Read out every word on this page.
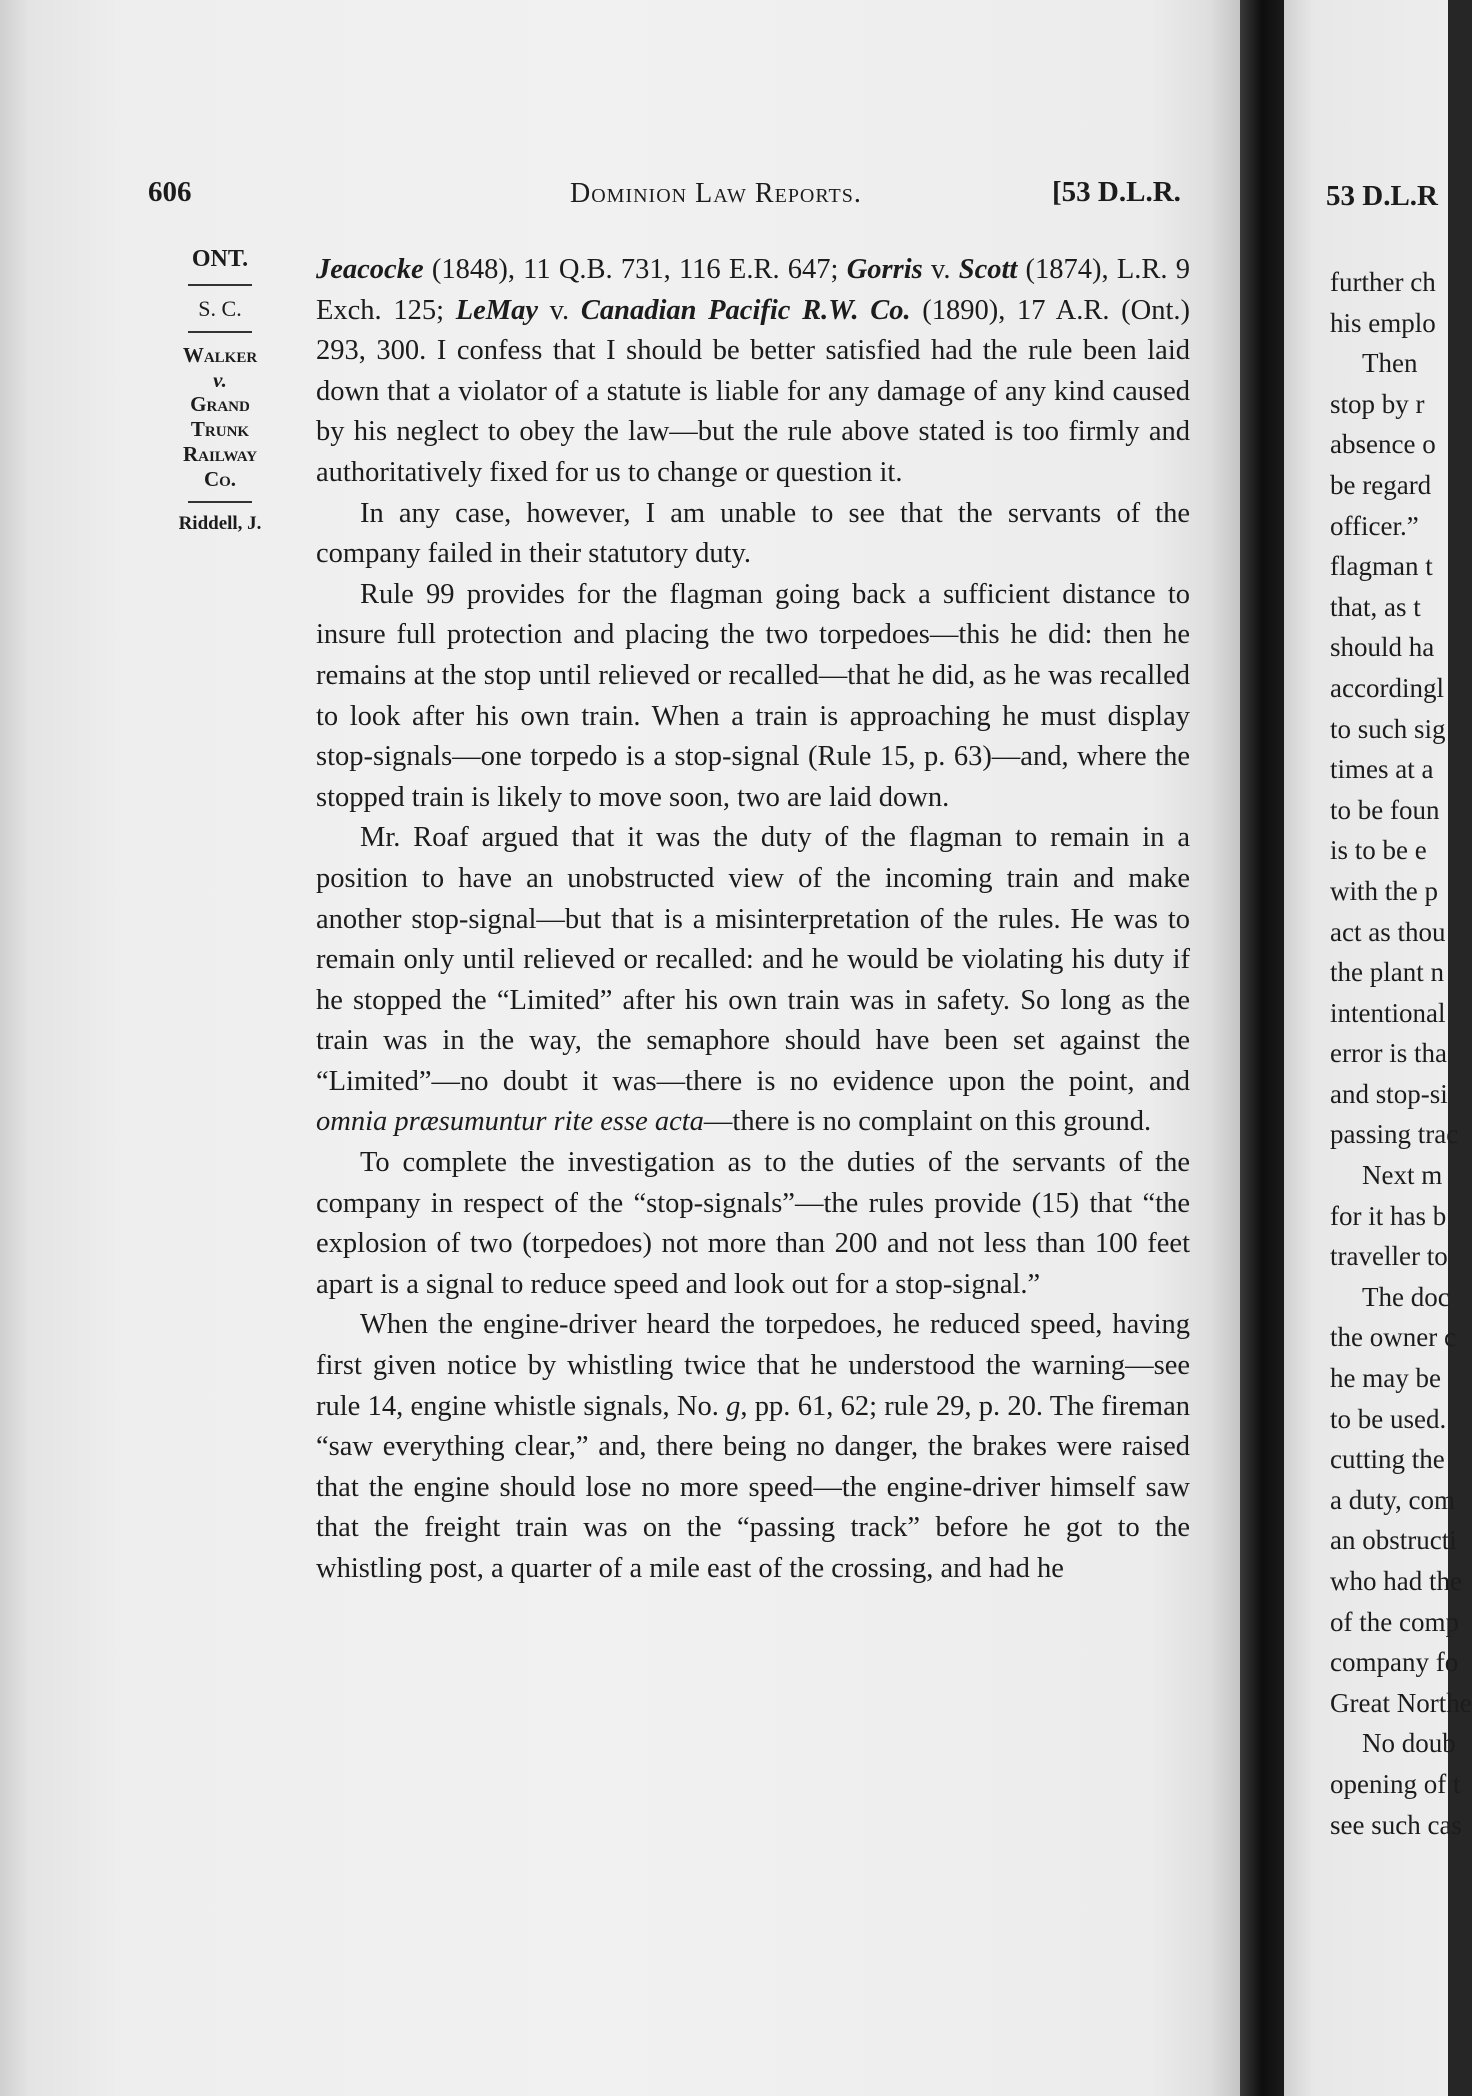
606	Dominion Law Reports.	[53 D.L.R.
ONT.
S. C.
Walker
v.
Grand
Trunk
Railway
Co.
Riddell, J.

Jeacocke (1848), 11 Q.B. 731, 116 E.R. 647; Gorris v. Scott (1874), L.R. 9 Exch. 125; LeMay v. Canadian Pacific R.W. Co. (1890), 17 A.R. (Ont.) 293, 300. I confess that I should be better satisfied had the rule been laid down that a violator of a statute is liable for any damage of any kind caused by his neglect to obey the law—but the rule above stated is too firmly and authoritatively fixed for us to change or question it.

In any case, however, I am unable to see that the servants of the company failed in their statutory duty.

Rule 99 provides for the flagman going back a sufficient distance to insure full protection and placing the two torpedoes—this he did: then he remains at the stop until relieved or recalled—that he did, as he was recalled to look after his own train. When a train is approaching he must display stop-signals—one torpedo is a stop-signal (Rule 15, p. 63)—and, where the stopped train is likely to move soon, two are laid down.

Mr. Roaf argued that it was the duty of the flagman to remain in a position to have an unobstructed view of the incoming train and make another stop-signal—but that is a misinterpretation of the rules. He was to remain only until relieved or recalled: and he would be violating his duty if he stopped the “Limited” after his own train was in safety. So long as the train was in the way, the semaphore should have been set against the “Limited”—no doubt it was—there is no evidence upon the point, and omnia præsumuntur rite esse acta—there is no complaint on this ground.

To complete the investigation as to the duties of the servants of the company in respect of the “stop-signals”—the rules provide (15) that “the explosion of two (torpedoes) not more than 200 and not less than 100 feet apart is a signal to reduce speed and look out for a stop-signal.”

When the engine-driver heard the torpedoes, he reduced speed, having first given notice by whistling twice that he understood the warning—see rule 14, engine whistle signals, No. g, pp. 61, 62; rule 29, p. 20. The fireman “saw everything clear,” and, there being no danger, the brakes were raised that the engine should lose no more speed—the engine-driver himself saw that the freight train was on the “passing track” before he got to the whistling post, a quarter of a mile east of the crossing, and had he

53 D.L.R
further ch
his emplo
Then
stop by r
absence o
be regard
officer.”
flagman t
that, as t
should ha
accordingl
to such sig
times at a
to be foun
is to be e
with the p
act as thou
the plant n
intentional
error is tha
and stop-si
passing trac
Next m
for it has b
traveller to
The doc
the owner c
he may be
to be used.
cutting the
a duty, com
an obstructi
who had the
of the comp
company fo
Great Northe
No doub
opening of t
see such cas
